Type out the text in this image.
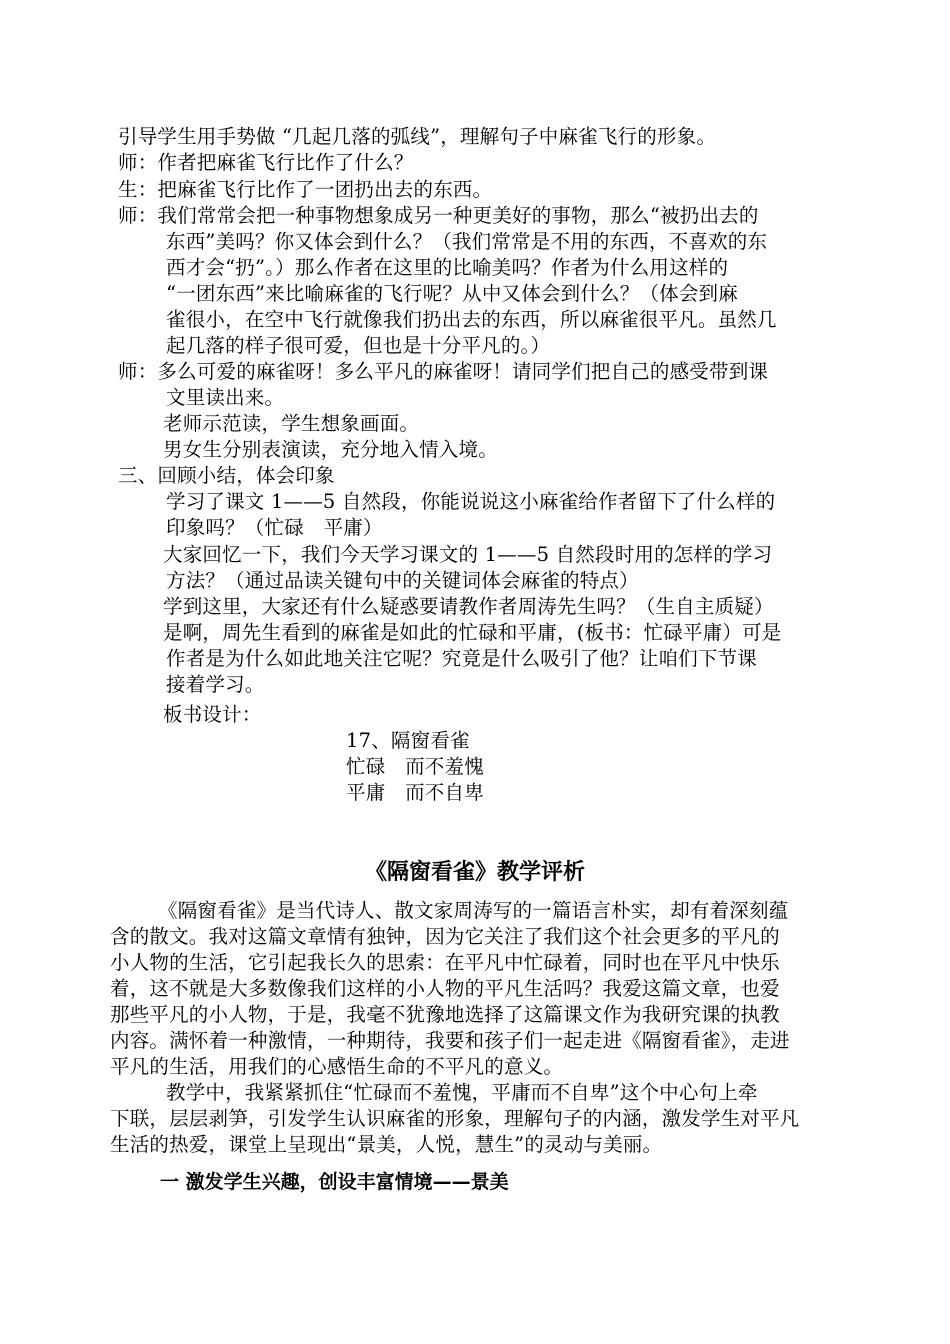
引导学生用手势做 “几起几落的弧线”，理解句子中麻雀飞行的形象。
师：作者把麻雀飞行比作了什么？
生：把麻雀飞行比作了一团扔出去的东西。
师：我们常常会把一种事物想象成另一种更美好的事物，那么“被扔出去的
东西”美吗？你又体会到什么？（我们常常是不用的东西，不喜欢的东
西才会“扔”。）那么作者在这里的比喻美吗？作者为什么用这样的
“一团东西”来比喻麻雀的飞行呢？从中又体会到什么？（体会到麻
雀很小，在空中飞行就像我们扔出去的东西，所以麻雀很平凡。虽然几
起几落的样子很可爱，但也是十分平凡的。）
师：多么可爱的麻雀呀！多么平凡的麻雀呀！请同学们把自己的感受带到课
文里读出来。
老师示范读，学生想象画面。
男女生分别表演读，充分地入情入境。
三、回顾小结，体会印象
学习了课文 1——5 自然段，你能说说这小麻雀给作者留下了什么样的
印象吗？（忙碌　平庸）
大家回忆一下，我们今天学习课文的 1——5 自然段时用的怎样的学习
方法？（通过品读关键句中的关键词体会麻雀的特点）
学到这里，大家还有什么疑惑要请教作者周涛先生吗？（生自主质疑）
是啊，周先生看到的麻雀是如此的忙碌和平庸，(板书：忙碌平庸）可是
作者是为什么如此地关注它呢？究竟是什么吸引了他？让咱们下节课
接着学习。
板书设计：
17、隔窗看雀
忙碌　而不羞愧
平庸　而不自卑
《隔窗看雀》教学评析
《隔窗看雀》是当代诗人、散文家周涛写的一篇语言朴实，却有着深刻蕴
含的散文。我对这篇文章情有独钟，因为它关注了我们这个社会更多的平凡的
小人物的生活，它引起我长久的思索：在平凡中忙碌着，同时也在平凡中快乐
着，这不就是大多数像我们这样的小人物的平凡生活吗？我爱这篇文章，也爱
那些平凡的小人物，于是，我毫不犹豫地选择了这篇课文作为我研究课的执教
内容。满怀着一种激情，一种期待，我要和孩子们一起走进《隔窗看雀》，走进
平凡的生活，用我们的心感悟生命的不平凡的意义。
教学中，我紧紧抓住“忙碌而不羞愧，平庸而不自卑”这个中心句上牵
下联，层层剥笋，引发学生认识麻雀的形象，理解句子的内涵，激发学生对平凡
生活的热爱，课堂上呈现出“景美，人悦，慧生”的灵动与美丽。
一 激发学生兴趣，创设丰富情境——景美
